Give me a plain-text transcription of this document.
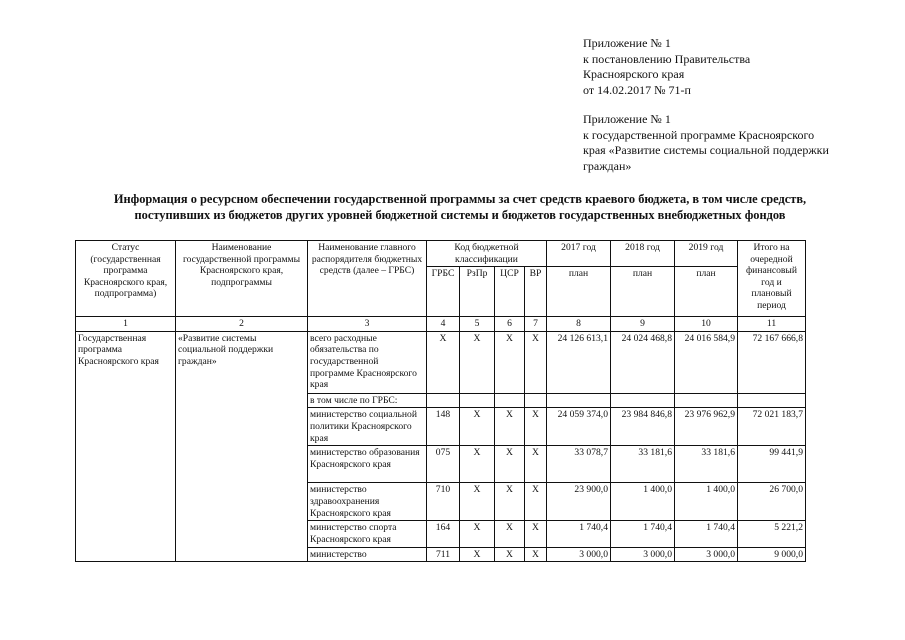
Приложение № 1
к постановлению Правительства
Красноярского края
от 14.02.2017 № 71-п
Приложение № 1
к государственной программе Красноярского
края «Развитие системы социальной поддержки
граждан»
Информация о ресурсном обеспечении государственной программы за счет средств краевого бюджета, в том числе средств,
поступивших из бюджетов других уровней бюджетной системы и бюджетов государственных внебюджетных фондов
Статус (государственная программа Красноярского края, подпрограмма)	Наименование государственной программы Красноярского края, подпрограммы	Наименование главного распорядителя бюджетных средств (далее – ГРБС)	Код бюджетной классификации				2017 год	2018 год	2019 год	Итого на очередной финансовый год и плановый период
			ГРБС	РзПр	ЦСР	ВР	план	план	план	
1	2	3	4	5	6	7	8	9	10	11
Государственная программа Красноярского края	«Развитие системы социальной поддержки граждан»	всего расходные обязательства по государственной программе Красноярского края	Х	Х	Х	Х	24 126 613,1	24 024 468,8	24 016 584,9	72 167 666,8
		в том числе по ГРБС:								
		министерство социальной политики Красноярского края	148	Х	Х	Х	24 059 374,0	23 984 846,8	23 976 962,9	72 021 183,7
		министерство образования Красноярского края	075	Х	Х	Х	33 078,7	33 181,6	33 181,6	99 441,9
		министерство здравоохранения Красноярского края	710	Х	Х	Х	23 900,0	1 400,0	1 400,0	26 700,0
		министерство спорта Красноярского края	164	Х	Х	Х	1 740,4	1 740,4	1 740,4	5 221,2
		министерство	711	Х	Х	Х	3 000,0	3 000,0	3 000,0	9 000,0
